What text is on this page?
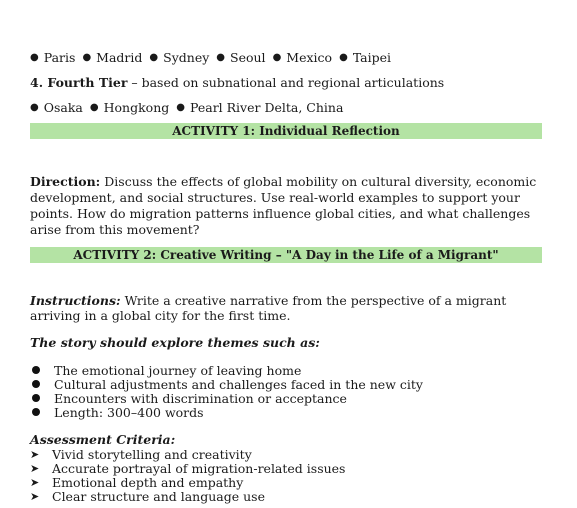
● Paris ● Madrid ● Sydney ● Seoul ● Mexico ● Taipei
4. Fourth Tier – based on subnational and regional articulations
● Osaka ● Hongkong ● Pearl River Delta, China
ACTIVITY 1: Individual Reflection
Direction: Discuss the effects of global mobility on cultural diversity, economic development, and social structures. Use real-world examples to support your points. How do migration patterns influence global cities, and what challenges arise from this movement?
ACTIVITY 2: Creative Writing – "A Day in the Life of a Migrant"
Instructions: Write a creative narrative from the perspective of a migrant arriving in a global city for the first time.
The story should explore themes such as:
The emotional journey of leaving home
Cultural adjustments and challenges faced in the new city
Encounters with discrimination or acceptance
Length: 300–400 words
Assessment Criteria:
➤ Vivid storytelling and creativity
➤ Accurate portrayal of migration-related issues
➤ Emotional depth and empathy
➤ Clear structure and language use
